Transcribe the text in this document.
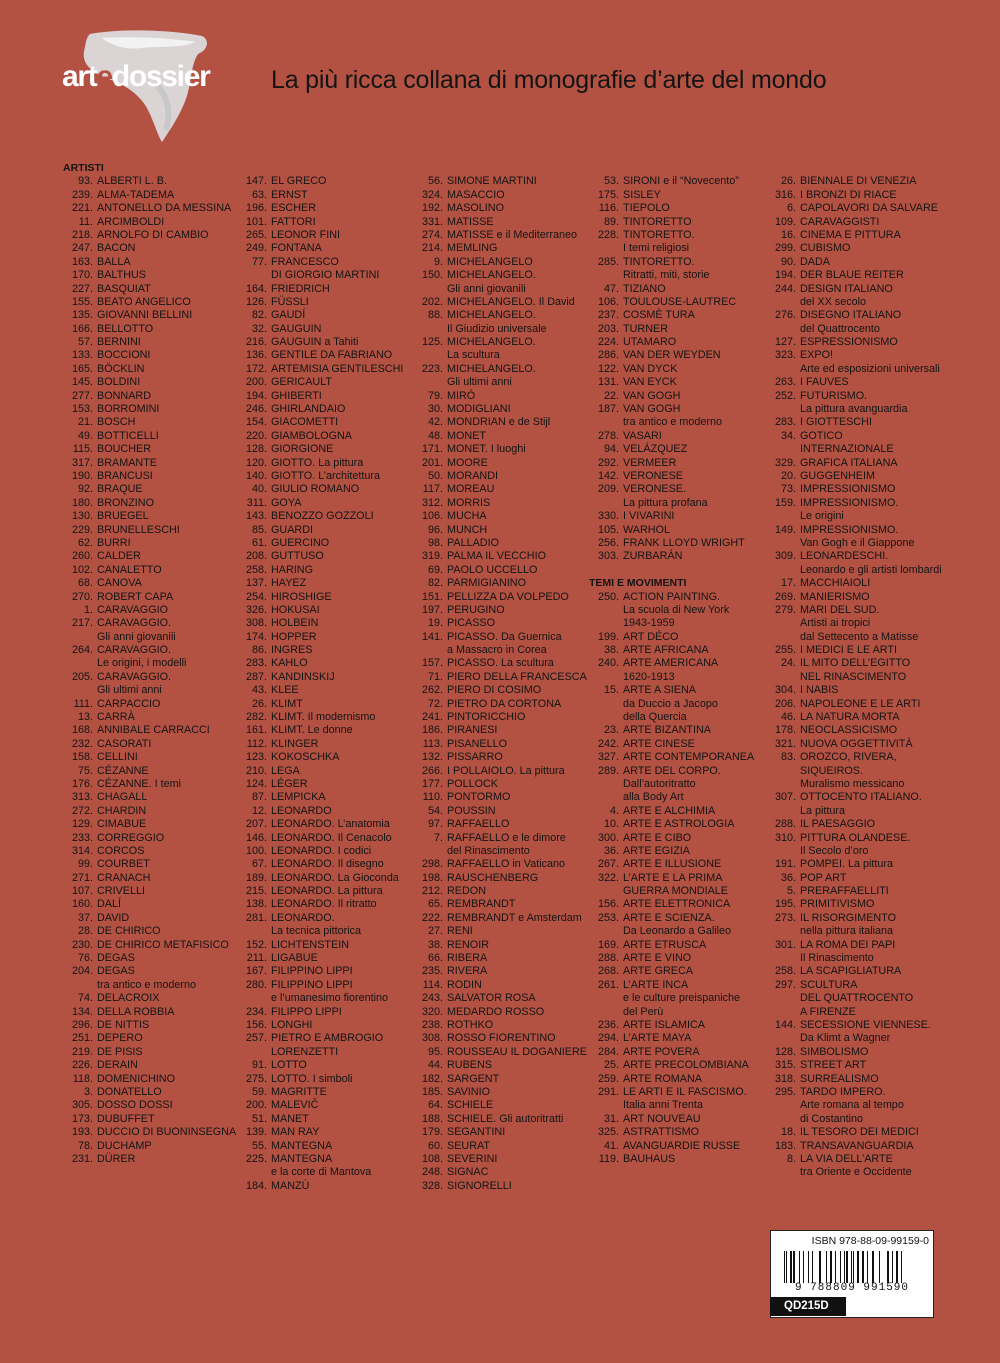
artedossier La più ricca collana di monografie d’arte del mondo
ARTISTI
93. ALBERTI L. B.
239. ALMA-TADEMA
221. ANTONELLO DA MESSINA
11. ARCIMBOLDI
218. ARNOLFO DI CAMBIO
247. BACON
163. BALLA
170. BALTHUS
227. BASQUIAT
155. BEATO ANGELICO
135. GIOVANNI BELLINI
166. BELLOTTO
57. BERNINI
133. BOCCIONI
165. BÖCKLIN
145. BOLDINI
277. BONNARD
153. BORROMINI
21. BOSCH
49. BOTTICELLI
115. BOUCHER
317. BRAMANTE
190. BRANCUSI
92. BRAQUE
180. BRONZINO
130. BRUEGEL
229. BRUNELLESCHI
62. BURRI
260. CALDER
102. CANALETTO
68. CANOVA
270. ROBERT CAPA
1. CARAVAGGIO
217. CARAVAGGIO.
Gli anni giovanili
264. CARAVAGGIO.
Le origini, i modelli
205. CARAVAGGIO.
Gli ultimi anni
111. CARPACCIO
13. CARRÀ
168. ANNIBALE CARRACCI
232. CASORATI
158. CELLINI
75. CÉZANNE
176. CÉZANNE. I temi
313. CHAGALL
272. CHARDIN
129. CIMABUE
233. CORREGGIO
314. CORCOS
99. COURBET
271. CRANACH
107. CRIVELLI
160. DALÍ
37. DAVID
28. DE CHIRICO
230. DE CHIRICO METAFISICO
76. DEGAS
204. DEGAS
tra antico e moderno
74. DELACROIX
134. DELLA ROBBIA
296. DE NITTIS
251. DEPERO
219. DE PISIS
226. DERAIN
118. DOMENICHINO
3. DONATELLO
305. DOSSO DOSSI
173. DUBUFFET
193. DUCCIO DI BUONINSEGNA
78. DUCHAMP
231. DÜRER
147. EL GRECO
63. ERNST
196. ESCHER
101. FATTORI
265. LEONOR FINI
249. FONTANA
77. FRANCESCO
DI GIORGIO MARTINI
164. FRIEDRICH
126. FÜSSLI
82. GAUDÍ
32. GAUGUIN
216. GAUGUIN a Tahiti
136. GENTILE DA FABRIANO
172. ARTEMISIA GENTILESCHI
200. GERICAULT
194. GHIBERTI
246. GHIRLANDAIO
154. GIACOMETTI
220. GIAMBOLOGNA
128. GIORGIONE
120. GIOTTO. La pittura
140. GIOTTO. L’architettura
40. GIULIO ROMANO
311. GOYA
143. BENOZZO GOZZOLI
85. GUARDI
61. GUERCINO
208. GUTTUSO
258. HARING
137. HAYEZ
254. HIROSHIGE
326. HOKUSAI
308. HOLBEIN
174. HOPPER
86. INGRES
283. KAHLO
287. KANDINSKIJ
43. KLEE
26. KLIMT
282. KLIMT. Il modernismo
161. KLIMT. Le donne
112. KLINGER
123. KOKOSCHKA
210. LEGA
124. LÉGER
87. LEMPICKA
12. LEONARDO
207. LEONARDO. L’anatomia
146. LEONARDO. Il Cenacolo
100. LEONARDO. I codici
67. LEONARDO. Il disegno
189. LEONARDO. La Gioconda
215. LEONARDO. La pittura
138. LEONARDO. Il ritratto
281. LEONARDO.
La tecnica pittorica
152. LICHTENSTEIN
211. LIGABUE
167. FILIPPINO LIPPI
280. FILIPPINO LIPPI
e l’umanesimo fiorentino
234. FILIPPO LIPPI
156. LONGHI
257. PIETRO E AMBROGIO
LORENZETTI
91. LOTTO
275. LOTTO. I simboli
59. MAGRITTE
200. MALEVIČ
51. MANET
139. MAN RAY
55. MANTEGNA
225. MANTEGNA
e la corte di Mantova
184. MANZÙ
56. SIMONE MARTINI
324. MASACCIO
192. MASOLINO
331. MATISSE
274. MATISSE e il Mediterraneo
214. MEMLING
9. MICHELANGELO
150. MICHELANGELO.
Gli anni giovanili
202. MICHELANGELO. Il David
88. MICHELANGELO.
Il Giudizio universale
125. MICHELANGELO.
La scultura
223. MICHELANGELO.
Gli ultimi anni
79. MIRÓ
30. MODIGLIANI
42. MONDRIAN e de Stijl
48. MONET
171. MONET. I luoghi
201. MOORE
50. MORANDI
117. MOREAU
312. MORRIS
106. MUCHA
96. MUNCH
98. PALLADIO
319. PALMA IL VECCHIO
69. PAOLO UCCELLO
82. PARMIGIANINO
151. PELLIZZA DA VOLPEDO
197. PERUGINO
19. PICASSO
141. PICASSO. Da Guernica
a Massacro in Corea
157. PICASSO. La scultura
71. PIERO DELLA FRANCESCA
262. PIERO DI COSIMO
72. PIETRO DA CORTONA
241. PINTORICCHIO
186. PIRANESI
113. PISANELLO
132. PISSARRO
266. I POLLAIOLO. La pittura
177. POLLOCK
110. PONTORMO
54. POUSSIN
97. RAFFAELLO
7. RAFFAELLO e le dimore
del Rinascimento
298. RAFFAELLO in Vaticano
198. RAUSCHENBERG
212. REDON
65. REMBRANDT
222. REMBRANDT e Amsterdam
27. RENI
38. RENOIR
66. RIBERA
235. RIVERA
114. RODIN
243. SALVATOR ROSA
320. MEDARDO ROSSO
238. ROTHKO
308. ROSSO FIORENTINO
95. ROUSSEAU IL DOGANIERE
44. RUBENS
182. SARGENT
185. SAVINIO
64. SCHIELE
188. SCHIELE. Gli autoritratti
179. SEGANTINI
60. SEURAT
108. SEVERINI
248. SIGNAC
328. SIGNORELLI
53. SIRONI e il “Novecento”
175. SISLEY
116. TIEPOLO
89. TINTORETTO
228. TINTORETTO.
I temi religiosi
285. TINTORETTO.
Ritratti, miti, storie
47. TIZIANO
106. TOULOUSE-LAUTREC
237. COSMÈ TURA
203. TURNER
224. UTAMARO
286. VAN DER WEYDEN
122. VAN DYCK
131. VAN EYCK
22. VAN GOGH
187. VAN GOGH
tra antico e moderno
278. VASARI
94. VELÁZQUEZ
292. VERMEER
142. VERONESE
209. VERONESE.
La pittura profana
330. I VIVARINI
105. WARHOL
256. FRANK LLOYD WRIGHT
303. ZURBARÁN
TEMI E MOVIMENTI
250. ACTION PAINTING.
La scuola di New York
1943-1959
199. ART DÉCO
38. ARTE AFRICANA
240. ARTE AMERICANA
1620-1913
15. ARTE A SIENA
da Duccio a Jacopo
della Quercia
23. ARTE BIZANTINA
242. ARTE CINESE
327. ARTE CONTEMPORANEA
289. ARTE DEL CORPO.
Dall’autoritratto
alla Body Art
4. ARTE E ALCHIMIA
10. ARTE E ASTROLOGIA
300. ARTE E CIBO
36. ARTE EGIZIA
267. ARTE E ILLUSIONE
322. L’ARTE E LA PRIMA
GUERRA MONDIALE
156. ARTE ELETTRONICA
253. ARTE E SCIENZA.
Da Leonardo a Galileo
169. ARTE ETRUSCA
288. ARTE E VINO
268. ARTE GRECA
261. L’ARTE INCA
e le culture preispaniche
del Perù
236. ARTE ISLAMICA
294. L’ARTE MAYA
284. ARTE POVERA
25. ARTE PRECOLOMBIANA
259. ARTE ROMANA
291. LE ARTI E IL FASCISMO.
Italia anni Trenta
31. ART NOUVEAU
325. ASTRATTISMO
41. AVANGUARDIE RUSSE
119. BAUHAUS
26. BIENNALE DI VENEZIA
316. I BRONZI DI RIACE
6. CAPOLAVORI DA SALVARE
109. CARAVAGGISTI
16. CINEMA E PITTURA
299. CUBISMO
90. DADA
194. DER BLAUE REITER
244. DESIGN ITALIANO
del XX secolo
276. DISEGNO ITALIANO
del Quattrocento
127. ESPRESSIONISMO
323. EXPO!
Arte ed esposizioni universali
263. I FAUVES
252. FUTURISMO.
La pittura avanguardia
283. I GIOTTESCHI
34. GOTICO
INTERNAZIONALE
329. GRAFICA ITALIANA
20. GUGGENHEIM
73. IMPRESSIONISMO
159. IMPRESSIONISMO.
Le origini
149. IMPRESSIONISMO.
Van Gogh e il Giappone
309. LEONARDESCHI.
Leonardo e gli artisti lombardi
17. MACCHIAIOLI
269. MANIERISMO
279. MARI DEL SUD.
Artisti ai tropici
dal Settecento a Matisse
255. I MEDICI E LE ARTI
24. IL MITO DELL’EGITTO
NEL RINASCIMENTO
304. I NABIS
206. NAPOLEONE E LE ARTI
46. LA NATURA MORTA
178. NEOCLASSICISMO
321. NUOVA OGGETTIVITÀ
83. OROZCO, RIVERA,
SIQUEIROS.
Muralismo messicano
307. OTTOCENTO ITALIANO.
La pittura
288. IL PAESAGGIO
310. PITTURA OLANDESE.
Il Secolo d’oro
191. POMPEI. La pittura
36. POP ART
5. PRERAFFAELLITI
195. PRIMITIVISMO
273. IL RISORGIMENTO
nella pittura italiana
301. LA ROMA DEI PAPI
Il Rinascimento
258. LA SCAPIGLIATURA
297. SCULTURA
DEL QUATTROCENTO
A FIRENZE
144. SECESSIONE VIENNESE.
Da Klimt a Wagner
128. SIMBOLISMO
315. STREET ART
318. SURREALISMO
295. TARDO IMPERO.
Arte romana al tempo
di Costantino
18. IL TESORO DEI MEDICI
183. TRANSAVANGUARDIA
8. LA VIA DELL’ARTE
tra Oriente e Occidente
ISBN 978-88-09-99159-0
9 788809 991590
QD215D
